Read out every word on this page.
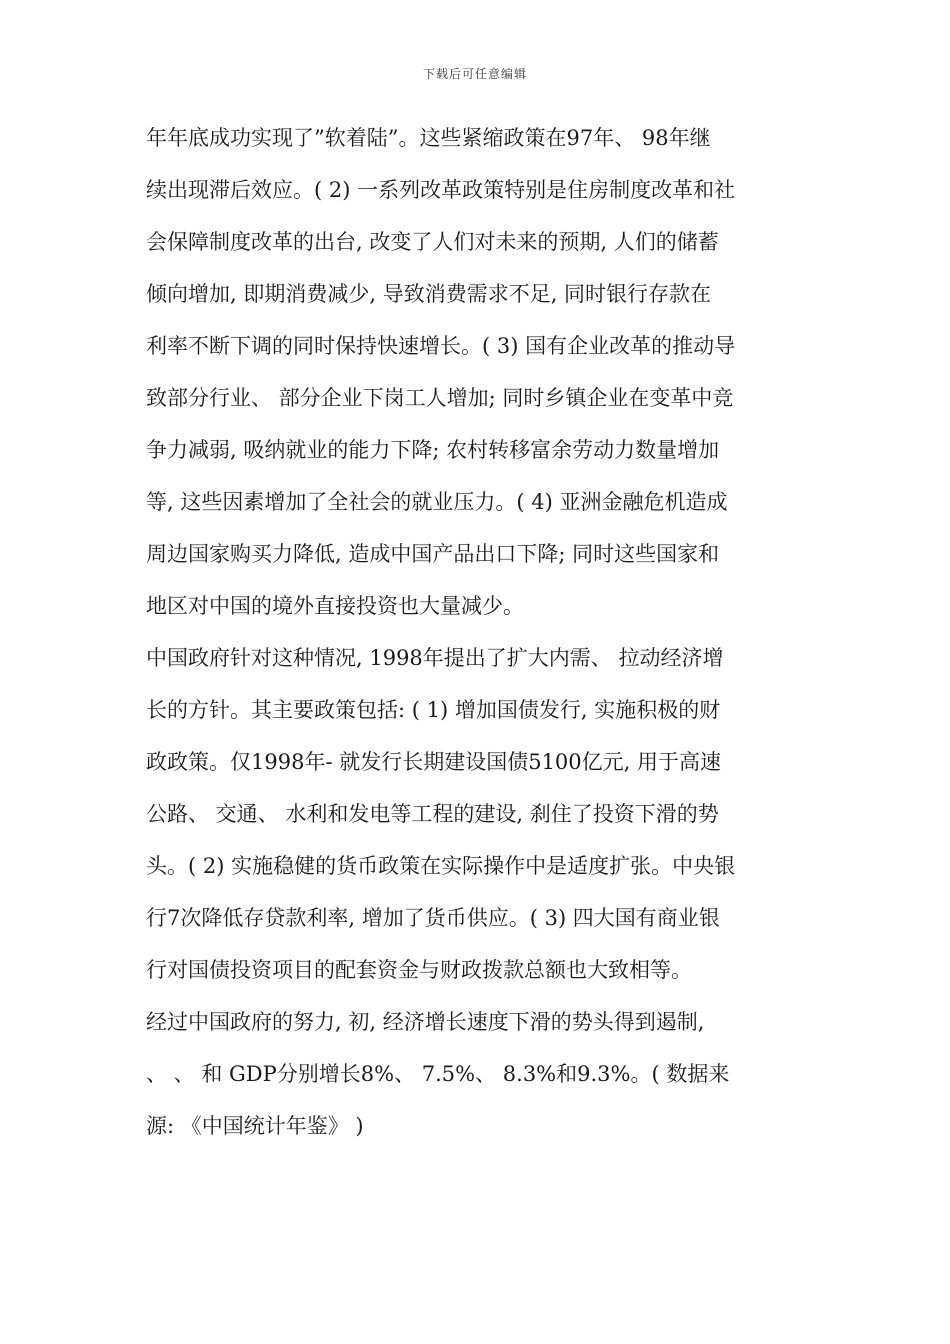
下载后可任意编辑
年年底成功实现了”软着陆”。这些紧缩政策在97年、 98年继
续出现滞后效应。( 2) 一系列改革政策特别是住房制度改革和社
会保障制度改革的出台, 改变了人们对未来的预期, 人们的储蓄
倾向增加, 即期消费减少, 导致消费需求不足, 同时银行存款在
利率不断下调的同时保持快速增长。( 3) 国有企业改革的推动导
致部分行业、 部分企业下岗工人增加; 同时乡镇企业在变革中竞
争力减弱, 吸纳就业的能力下降; 农村转移富余劳动力数量增加
等, 这些因素增加了全社会的就业压力。( 4) 亚洲金融危机造成
周边国家购买力降低, 造成中国产品出口下降; 同时这些国家和
地区对中国的境外直接投资也大量减少。
中国政府针对这种情况, 1998年提出了扩大内需、 拉动经济增
长的方针。其主要政策包括: ( 1) 增加国债发行, 实施积极的财
政政策。仅1998年- 就发行长期建设国债5100亿元, 用于高速
公路、 交通、 水利和发电等工程的建设, 刹住了投资下滑的势
头。( 2) 实施稳健的货币政策在实际操作中是适度扩张。中央银
行7次降低存贷款利率, 增加了货币供应。( 3) 四大国有商业银
行对国债投资项目的配套资金与财政拨款总额也大致相等。
经过中国政府的努力, 初, 经济增长速度下滑的势头得到遏制,
、 、 和 GDP分别增长8%、 7.5%、 8.3%和9.3%。( 数据来
源: 《中国统计年鉴》 )
